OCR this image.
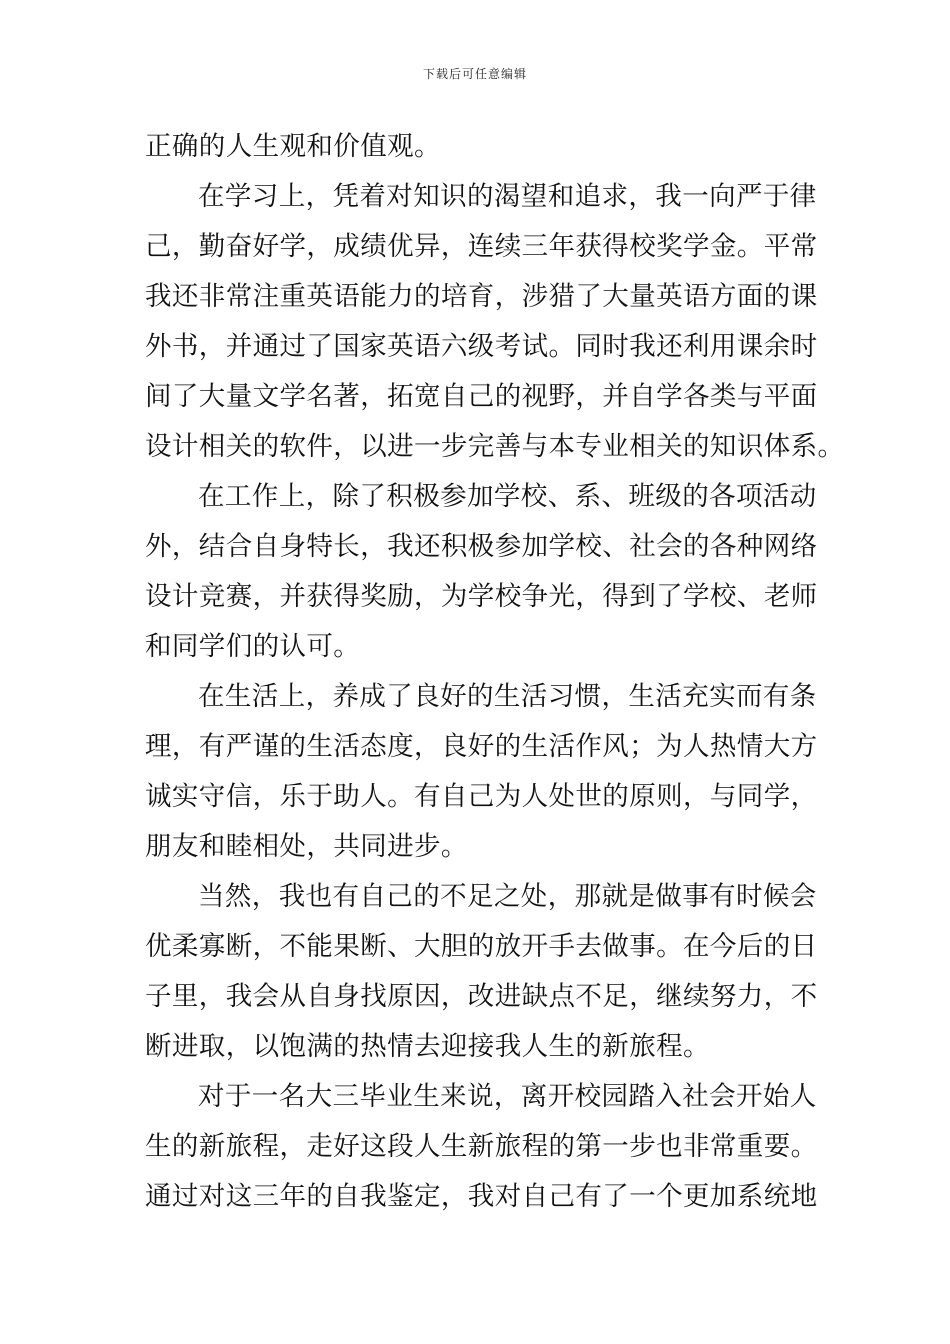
下载后可任意编辑
正确的人生观和价值观。
在学习上，凭着对知识的渴望和追求，我一向严于律
己，勤奋好学，成绩优异，连续三年获得校奖学金。平常
我还非常注重英语能力的培育，涉猎了大量英语方面的课
外书，并通过了国家英语六级考试。同时我还利用课余时
间了大量文学名著，拓宽自己的视野，并自学各类与平面
设计相关的软件，以进一步完善与本专业相关的知识体系。
在工作上，除了积极参加学校、系、班级的各项活动
外，结合自身特长，我还积极参加学校、社会的各种网络
设计竞赛，并获得奖励，为学校争光，得到了学校、老师
和同学们的认可。
在生活上，养成了良好的生活习惯，生活充实而有条
理，有严谨的生活态度，良好的生活作风；为人热情大方
诚实守信，乐于助人。有自己为人处世的原则，与同学，
朋友和睦相处，共同进步。
当然，我也有自己的不足之处，那就是做事有时候会
优柔寡断，不能果断、大胆的放开手去做事。在今后的日
子里，我会从自身找原因，改进缺点不足，继续努力，不
断进取，以饱满的热情去迎接我人生的新旅程。
对于一名大三毕业生来说，离开校园踏入社会开始人
生的新旅程，走好这段人生新旅程的第一步也非常重要。
通过对这三年的自我鉴定，我对自己有了一个更加系统地
